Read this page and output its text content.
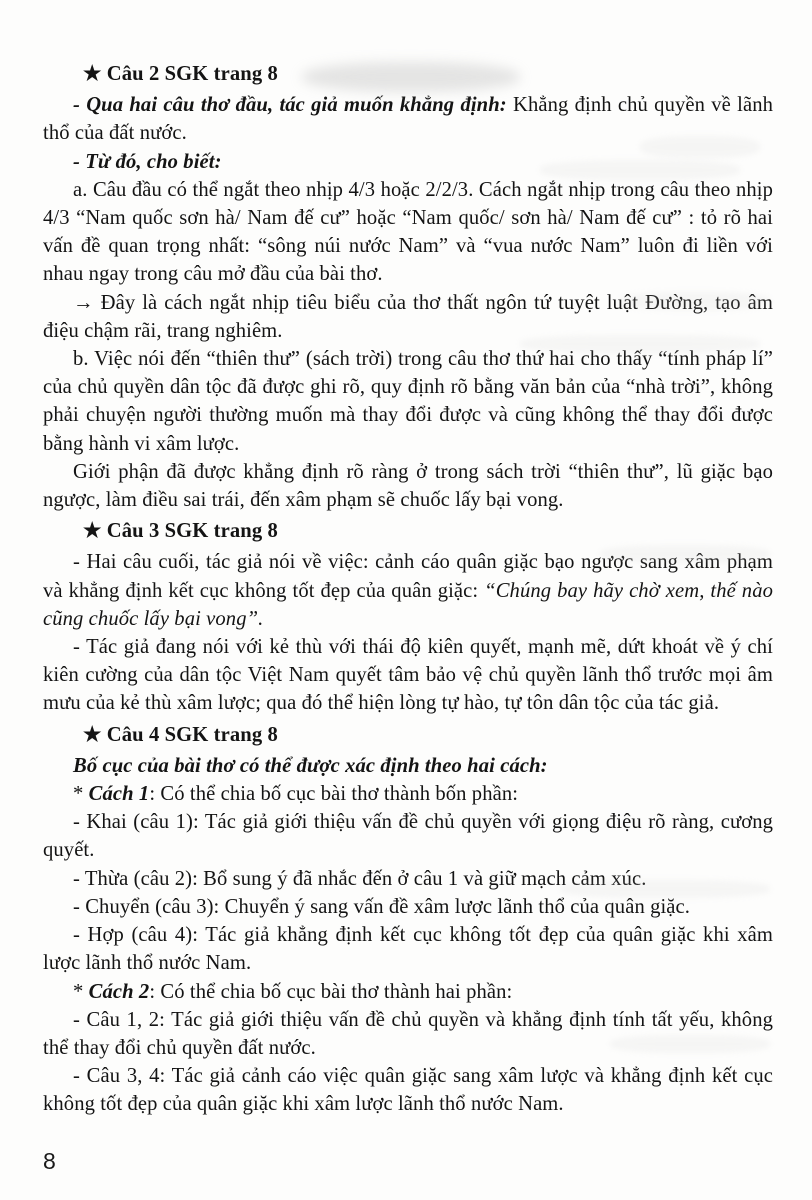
★ Câu 2 SGK trang 8

- Qua hai câu thơ đầu, tác giả muốn khẳng định: Khẳng định chủ quyền về lãnh thổ của đất nước.

- Từ đó, cho biết:

a. Câu đầu có thể ngắt theo nhịp 4/3 hoặc 2/2/3. Cách ngắt nhịp trong câu theo nhịp 4/3 “Nam quốc sơn hà/ Nam đế cư” hoặc “Nam quốc/ sơn hà/ Nam đế cư” : tỏ rõ hai vấn đề quan trọng nhất: “sông núi nước Nam” và “vua nước Nam” luôn đi liền với nhau ngay trong câu mở đầu của bài thơ.

→ Đây là cách ngắt nhịp tiêu biểu của thơ thất ngôn tứ tuyệt luật Đường, tạo âm điệu chậm rãi, trang nghiêm.

b. Việc nói đến “thiên thư” (sách trời) trong câu thơ thứ hai cho thấy “tính pháp lí” của chủ quyền dân tộc đã được ghi rõ, quy định rõ bằng văn bản của “nhà trời”, không phải chuyện người thường muốn mà thay đổi được và cũng không thể thay đổi được bằng hành vi xâm lược.

Giới phận đã được khẳng định rõ ràng ở trong sách trời “thiên thư”, lũ giặc bạo ngược, làm điều sai trái, đến xâm phạm sẽ chuốc lấy bại vong.

★ Câu 3 SGK trang 8

- Hai câu cuối, tác giả nói về việc: cảnh cáo quân giặc bạo ngược sang xâm phạm và khẳng định kết cục không tốt đẹp của quân giặc: “Chúng bay hãy chờ xem, thế nào cũng chuốc lấy bại vong”.

- Tác giả đang nói với kẻ thù với thái độ kiên quyết, mạnh mẽ, dứt khoát về ý chí kiên cường của dân tộc Việt Nam quyết tâm bảo vệ chủ quyền lãnh thổ trước mọi âm mưu của kẻ thù xâm lược; qua đó thể hiện lòng tự hào, tự tôn dân tộc của tác giả.

★ Câu 4 SGK trang 8

Bố cục của bài thơ có thể được xác định theo hai cách:

* Cách 1: Có thể chia bố cục bài thơ thành bốn phần:

- Khai (câu 1): Tác giả giới thiệu vấn đề chủ quyền với giọng điệu rõ ràng, cương quyết.

- Thừa (câu 2): Bổ sung ý đã nhắc đến ở câu 1 và giữ mạch cảm xúc.

- Chuyển (câu 3): Chuyển ý sang vấn đề xâm lược lãnh thổ của quân giặc.

- Hợp (câu 4): Tác giả khẳng định kết cục không tốt đẹp của quân giặc khi xâm lược lãnh thổ nước Nam.

* Cách 2: Có thể chia bố cục bài thơ thành hai phần:

- Câu 1, 2: Tác giả giới thiệu vấn đề chủ quyền và khẳng định tính tất yếu, không thể thay đổi chủ quyền đất nước.

- Câu 3, 4: Tác giả cảnh cáo việc quân giặc sang xâm lược và khẳng định kết cục không tốt đẹp của quân giặc khi xâm lược lãnh thổ nước Nam.

8
